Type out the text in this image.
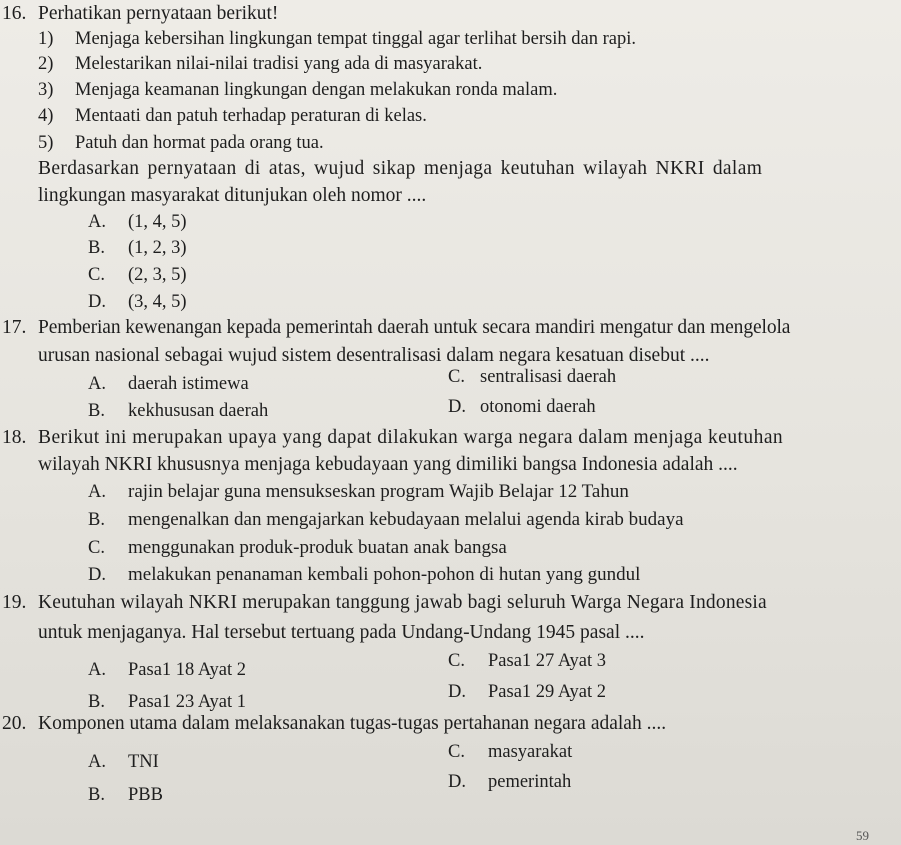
16. Perhatikan pernyataan berikut!
1) Menjaga kebersihan lingkungan tempat tinggal agar terlihat bersih dan rapi.
2) Melestarikan nilai-nilai tradisi yang ada di masyarakat.
3) Menjaga keamanan lingkungan dengan melakukan ronda malam.
4) Mentaati dan patuh terhadap peraturan di kelas.
5) Patuh dan hormat pada orang tua.
Berdasarkan pernyataan di atas, wujud sikap menjaga keutuhan wilayah NKRI dalam
lingkungan masyarakat ditunjukan oleh nomor ....
A. (1, 4, 5)
B. (1, 2, 3)
C. (2, 3, 5)
D. (3, 4, 5)
17. Pemberian kewenangan kepada pemerintah daerah untuk secara mandiri mengatur dan mengelola
urusan nasional sebagai wujud sistem desentralisasi dalam negara kesatuan disebut ....
A. daerah istimewa
B. kekhususan daerah
C. sentralisasi daerah
D. otonomi daerah
18. Berikut ini merupakan upaya yang dapat dilakukan warga negara dalam menjaga keutuhan
wilayah NKRI khususnya menjaga kebudayaan yang dimiliki bangsa Indonesia adalah ....
A. rajin belajar guna mensukseskan program Wajib Belajar 12 Tahun
B. mengenalkan dan mengajarkan kebudayaan melalui agenda kirab budaya
C. menggunakan produk-produk buatan anak bangsa
D. melakukan penanaman kembali pohon-pohon di hutan yang gundul
19. Keutuhan wilayah NKRI merupakan tanggung jawab bagi seluruh Warga Negara Indonesia
untuk menjaganya. Hal tersebut tertuang pada Undang-Undang 1945 pasal ....
A. Pasa1 18 Ayat 2
B. Pasa1 23 Ayat 1
C. Pasa1 27 Ayat 3
D. Pasa1 29 Ayat 2
20. Komponen utama dalam melaksanakan tugas-tugas pertahanan negara adalah ....
A. TNI
B. PBB
C. masyarakat
D. pemerintah
59
